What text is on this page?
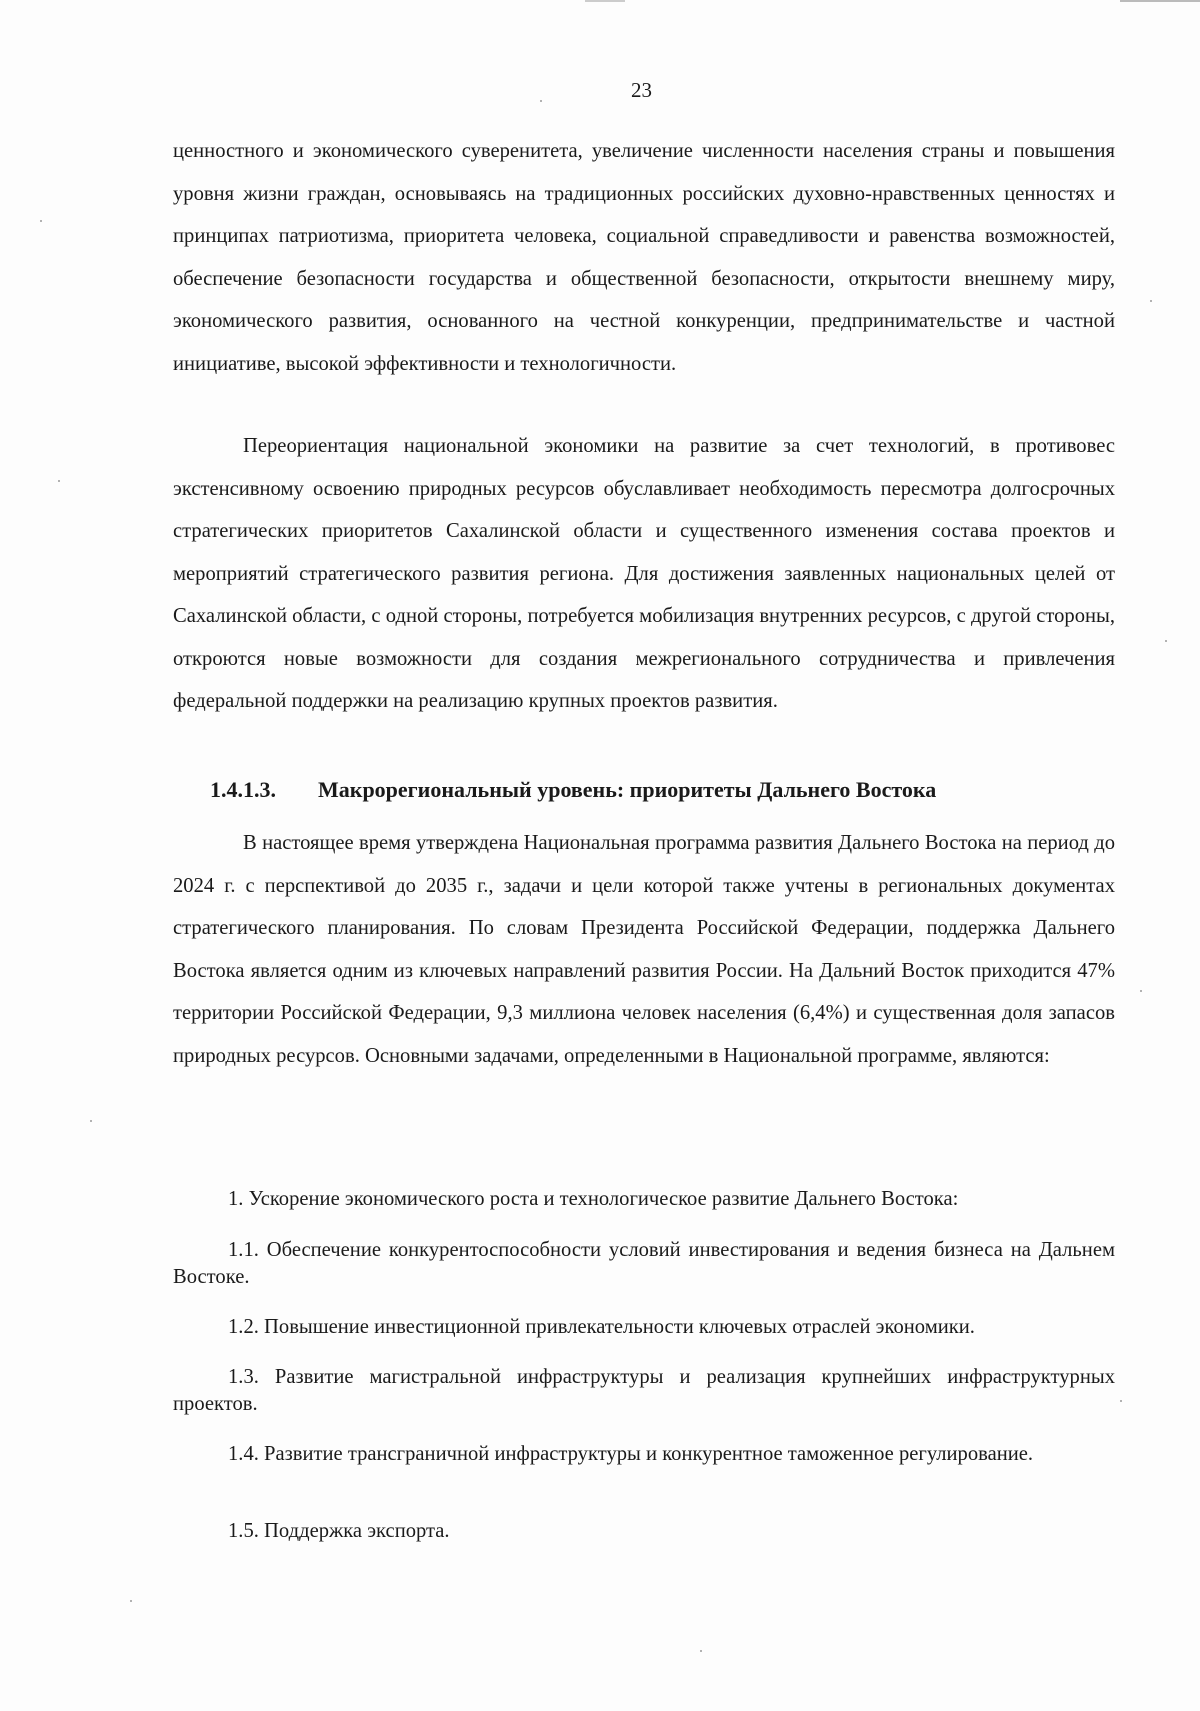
23

ценностного и экономического суверенитета, увеличение численности населения страны и повышения уровня жизни граждан, основываясь на традиционных российских духовно-нравственных ценностях и принципах патриотизма, приоритета человека, социальной справедливости и равенства возможностей, обеспечение безопасности государства и общественной безопасности, открытости внешнему миру, экономического развития, основанного на честной конкуренции, предпринимательстве и частной инициативе, высокой эффективности и технологичности.

Переориентация национальной экономики на развитие за счет технологий, в противовес экстенсивному освоению природных ресурсов обуславливает необходимость пересмотра долгосрочных стратегических приоритетов Сахалинской области и существенного изменения состава проектов и мероприятий стратегического развития региона. Для достижения заявленных национальных целей от Сахалинской области, с одной стороны, потребуется мобилизация внутренних ресурсов, с другой стороны, откроются новые возможности для создания межрегионального сотрудничества и привлечения федеральной поддержки на реализацию крупных проектов развития.

1.4.1.3. Макрорегиональный уровень: приоритеты Дальнего Востока

В настоящее время утверждена Национальная программа развития Дальнего Востока на период до 2024 г. с перспективой до 2035 г., задачи и цели которой также учтены в региональных документах стратегического планирования. По словам Президента Российской Федерации, поддержка Дальнего Востока является одним из ключевых направлений развития России. На Дальний Восток приходится 47% территории Российской Федерации, 9,3 миллиона человек населения (6,4%) и существенная доля запасов природных ресурсов. Основными задачами, определенными в Национальной программе, являются:

1. Ускорение экономического роста и технологическое развитие Дальнего Востока:

1.1. Обеспечение конкурентоспособности условий инвестирования и ведения бизнеса на Дальнем Востоке.

1.2. Повышение инвестиционной привлекательности ключевых отраслей экономики.

1.3. Развитие магистральной инфраструктуры и реализация крупнейших инфраструктурных проектов.

1.4. Развитие трансграничной инфраструктуры и конкурентное таможенное регулирование.

1.5. Поддержка экспорта.
